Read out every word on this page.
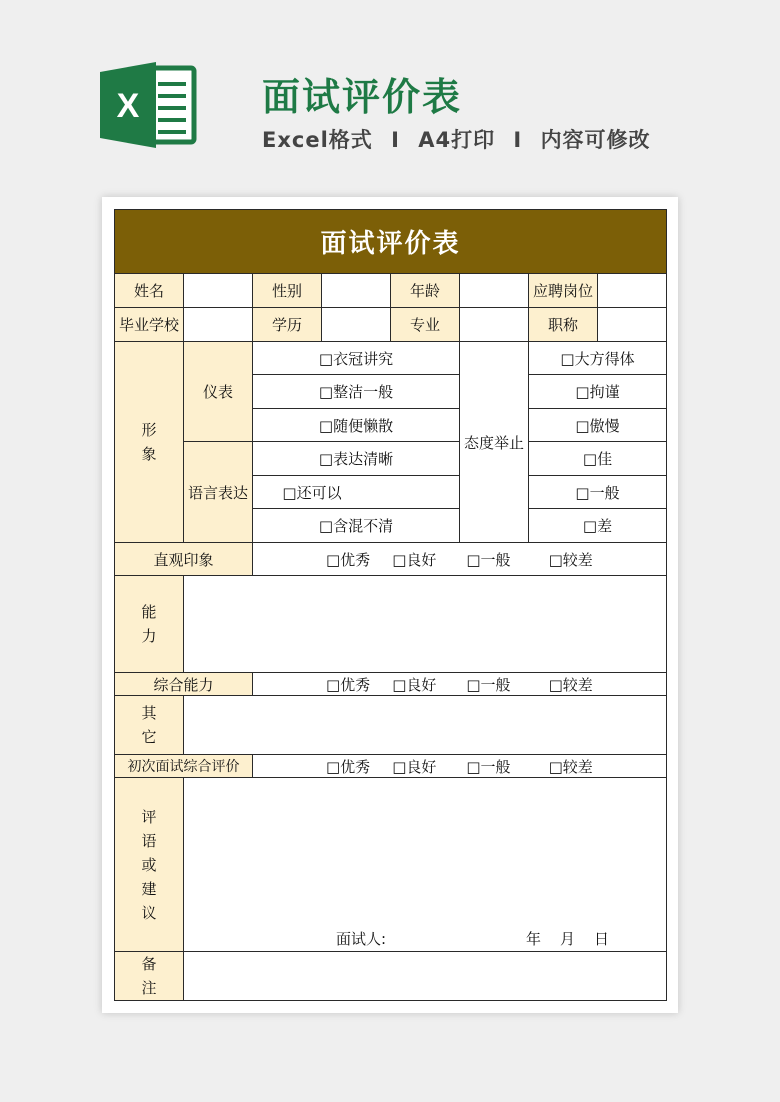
X	面试评价表
Excel格式 I A4打印 I 内容可修改
面试评价表							
姓名		性别		年龄		应聘岗位	
毕业学校		学历		专业		职称	

形
象	仪表	□衣冠讲究			态度举止	□大方得体	
		□整洁一般				□拘谨	
		□随便懒散				□傲慢	
	语言表达	□表达清晰				□佳	
		□还可以				□一般	
		□含混不清				□差	
直观印象		□优秀 □良好 □一般 □较差					

能
力							

综合能力		□优秀 □良好 □一般 □较差					

其
它							

初次面试综合评价		□优秀 □良好 □一般 □较差					

评
语
或
建
议	面试人: 年 月 日						

备
注							
